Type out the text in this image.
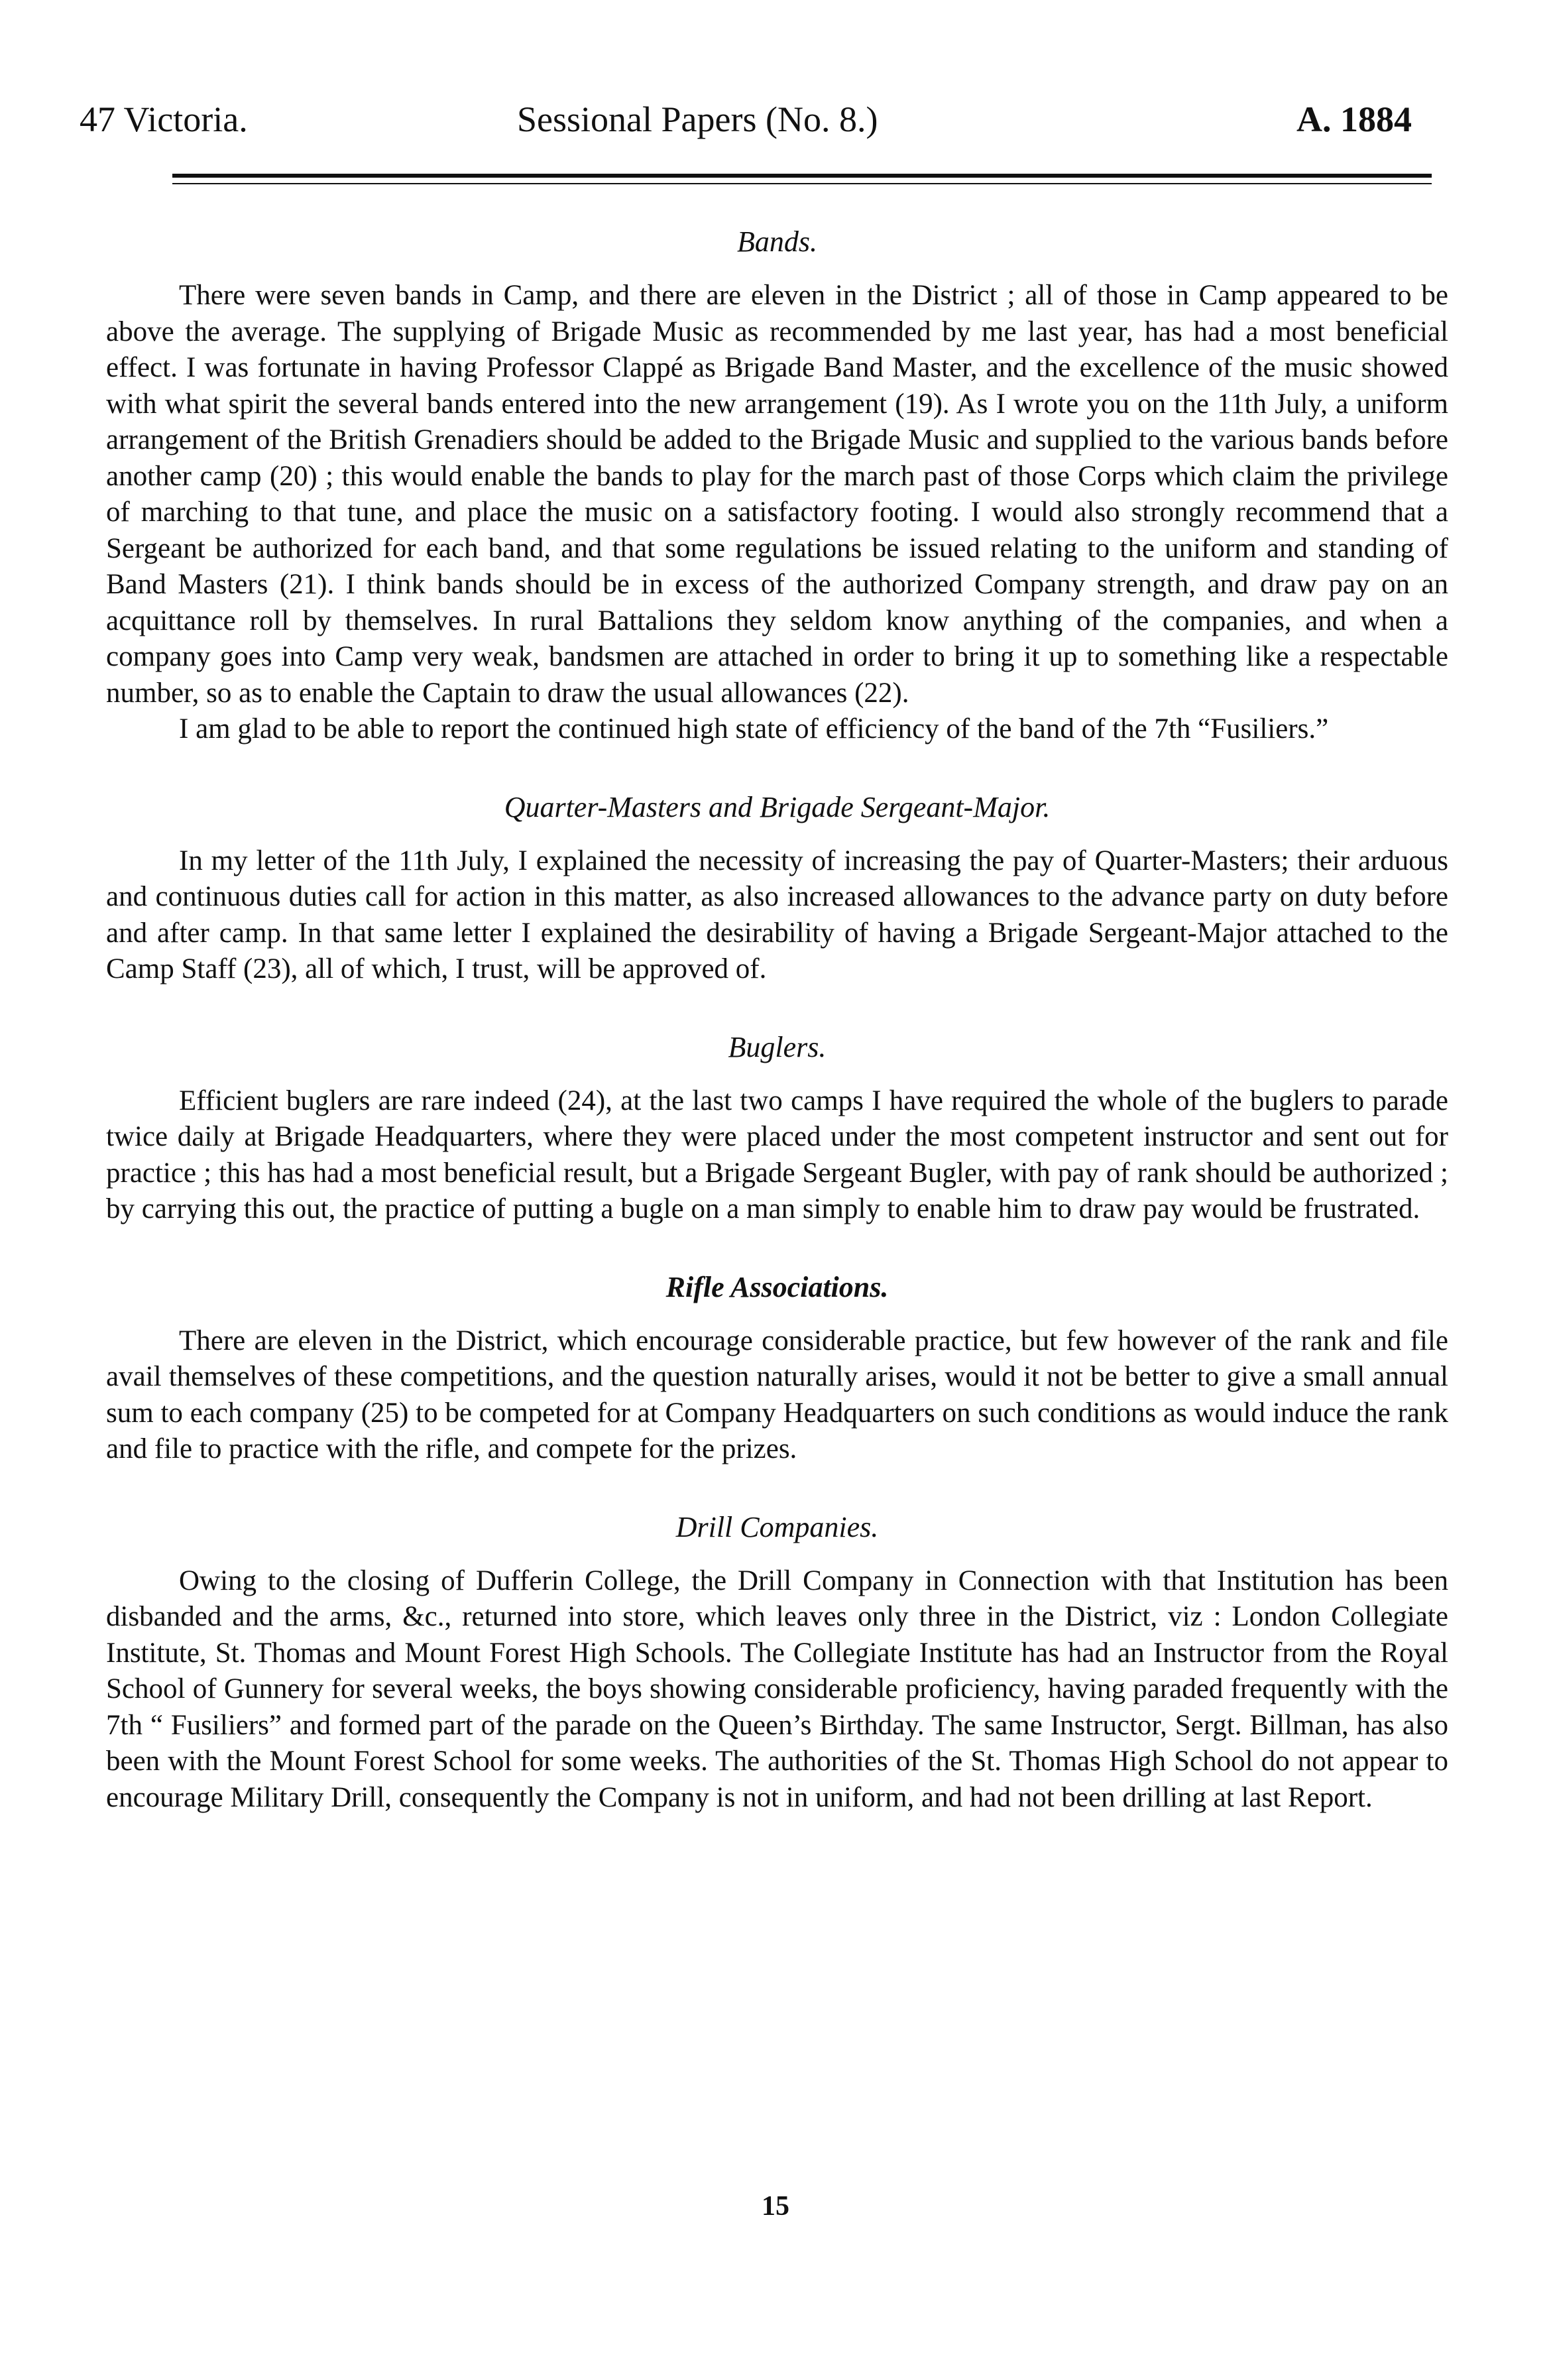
47 Victoria.	Sessional Papers (No. 8.)	A. 1884
Bands.

There were seven bands in Camp, and there are eleven in the District ; all of those in Camp appeared to be above the average. The supplying of Brigade Music as recommended by me last year, has had a most beneficial effect. I was fortunate in having Professor Clappé as Brigade Band Master, and the excellence of the music showed with what spirit the several bands entered into the new arrangement (19). As I wrote you on the 11th July, a uniform arrangement of the British Grenadiers should be added to the Brigade Music and supplied to the various bands before another camp (20) ; this would enable the bands to play for the march past of those Corps which claim the privilege of marching to that tune, and place the music on a satisfactory footing. I would also strongly recommend that a Sergeant be authorized for each band, and that some regulations be issued relating to the uniform and standing of Band Masters (21). I think bands should be in excess of the authorized Company strength, and draw pay on an acquittance roll by themselves. In rural Battalions they seldom know anything of the companies, and when a company goes into Camp very weak, bandsmen are attached in order to bring it up to something like a respectable number, so as to enable the Captain to draw the usual allowances (22).

I am glad to be able to report the continued high state of efficiency of the band of the 7th “Fusiliers.”

Quarter-Masters and Brigade Sergeant-Major.

In my letter of the 11th July, I explained the necessity of increasing the pay of Quarter-Masters; their arduous and continuous duties call for action in this matter, as also increased allowances to the advance party on duty before and after camp. In that same letter I explained the desirability of having a Brigade Sergeant-Major attached to the Camp Staff (23), all of which, I trust, will be approved of.

Buglers.

Efficient buglers are rare indeed (24), at the last two camps I have required the whole of the buglers to parade twice daily at Brigade Headquarters, where they were placed under the most competent instructor and sent out for practice ; this has had a most beneficial result, but a Brigade Sergeant Bugler, with pay of rank should be authorized ; by carrying this out, the practice of putting a bugle on a man simply to enable him to draw pay would be frustrated.

Rifle Associations.

There are eleven in the District, which encourage considerable practice, but few however of the rank and file avail themselves of these competitions, and the question naturally arises, would it not be better to give a small annual sum to each company (25) to be competed for at Company Headquarters on such conditions as would induce the rank and file to practice with the rifle, and compete for the prizes.

Drill Companies.

Owing to the closing of Dufferin College, the Drill Company in Connection with that Institution has been disbanded and the arms, &c., returned into store, which leaves only three in the District, viz : London Collegiate Institute, St. Thomas and Mount Forest High Schools. The Collegiate Institute has had an Instructor from the Royal School of Gunnery for several weeks, the boys showing considerable proficiency, having paraded frequently with the 7th “ Fusiliers” and formed part of the parade on the Queen’s Birthday. The same Instructor, Sergt. Billman, has also been with the Mount Forest School for some weeks. The authorities of the St. Thomas High School do not appear to encourage Military Drill, consequently the Company is not in uniform, and had not been drilling at last Report.

15
